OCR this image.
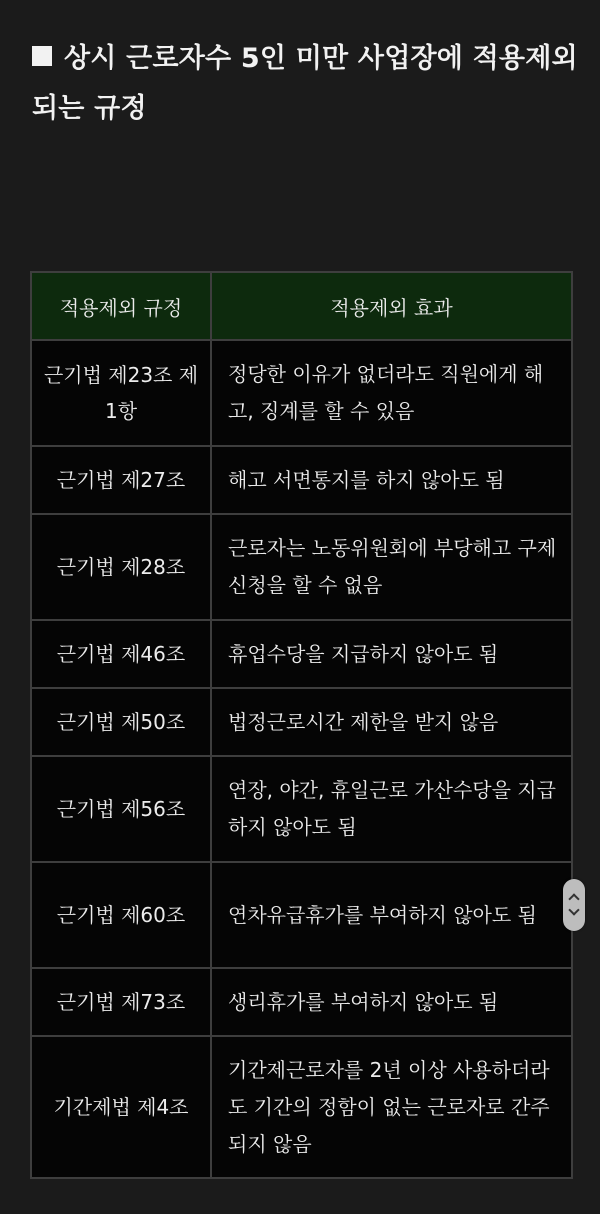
상시 근로자수 5인 미만 사업장에 적용제외 되는 규정
적용제외 규정	적용제외 효과
근기법 제23조 제1항	정당한 이유가 없더라도 직원에게 해고, 징계를 할 수 있음
근기법 제27조	해고 서면통지를 하지 않아도 됨
근기법 제28조	근로자는 노동위원회에 부당해고 구제신청을 할 수 없음
근기법 제46조	휴업수당을 지급하지 않아도 됨
근기법 제50조	법정근로시간 제한을 받지 않음
근기법 제56조	연장, 야간, 휴일근로 가산수당을 지급하지 않아도 됨
근기법 제60조	연차유급휴가를 부여하지 않아도 됨
근기법 제73조	생리휴가를 부여하지 않아도 됨
기간제법 제4조	기간제근로자를 2년 이상 사용하더라도 기간의 정함이 없는 근로자로 간주되지 않음
